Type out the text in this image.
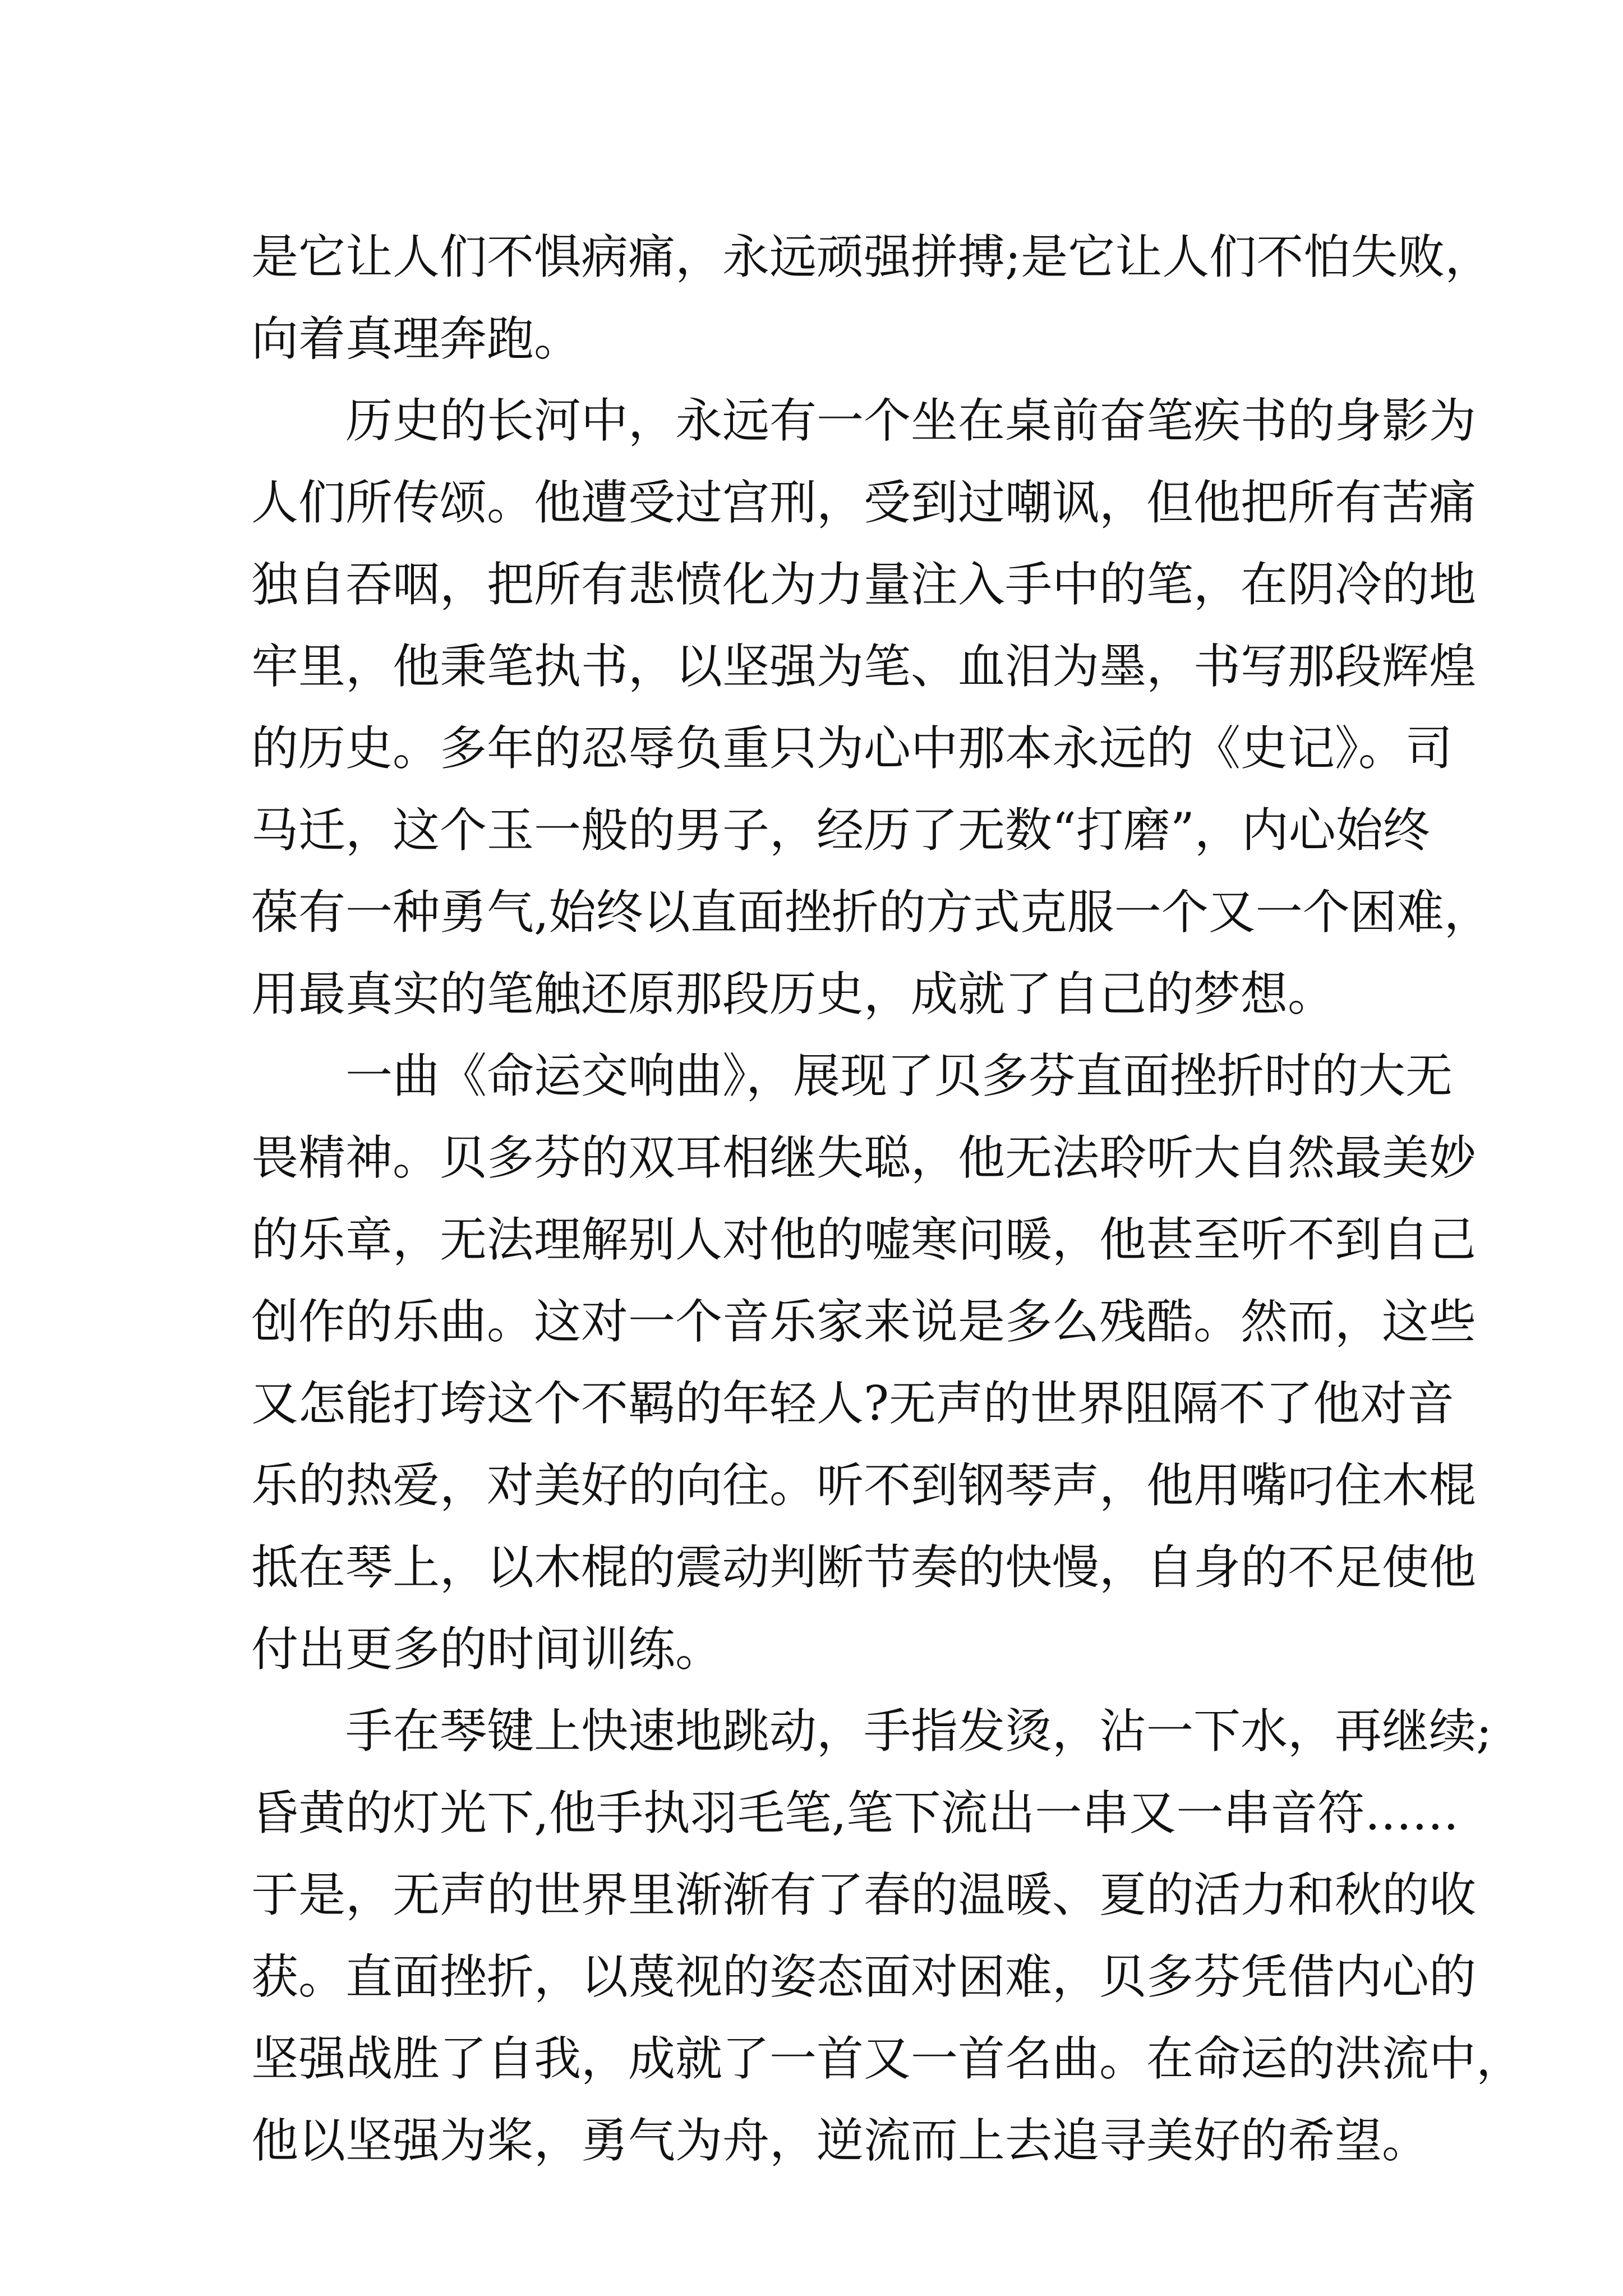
是它让人们不惧病痛，永远顽强拼搏;是它让人们不怕失败，
向着真理奔跑。
历史的长河中，永远有一个坐在桌前奋笔疾书的身影为
人们所传颂。他遭受过宫刑，受到过嘲讽，但他把所有苦痛
独自吞咽，把所有悲愤化为力量注入手中的笔，在阴冷的地
牢里，他秉笔执书，以坚强为笔、血泪为墨，书写那段辉煌
的历史。多年的忍辱负重只为心中那本永远的《史记》。司
马迁，这个玉一般的男子，经历了无数“打磨”，内心始终
葆有一种勇气,始终以直面挫折的方式克服一个又一个困难，
用最真实的笔触还原那段历史，成就了自己的梦想。
一曲《命运交响曲》，展现了贝多芬直面挫折时的大无
畏精神。贝多芬的双耳相继失聪，他无法聆听大自然最美妙
的乐章，无法理解别人对他的嘘寒问暖，他甚至听不到自己
创作的乐曲。这对一个音乐家来说是多么残酷。然而，这些
又怎能打垮这个不羁的年轻人?无声的世界阻隔不了他对音
乐的热爱，对美好的向往。听不到钢琴声，他用嘴叼住木棍
抵在琴上，以木棍的震动判断节奏的快慢，自身的不足使他
付出更多的时间训练。
手在琴键上快速地跳动，手指发烫，沾一下水，再继续;
昏黄的灯光下,他手执羽毛笔,笔下流出一串又一串音符……
于是，无声的世界里渐渐有了春的温暖、夏的活力和秋的收
获。直面挫折，以蔑视的姿态面对困难，贝多芬凭借内心的
坚强战胜了自我，成就了一首又一首名曲。在命运的洪流中，
他以坚强为桨，勇气为舟，逆流而上去追寻美好的希望。
